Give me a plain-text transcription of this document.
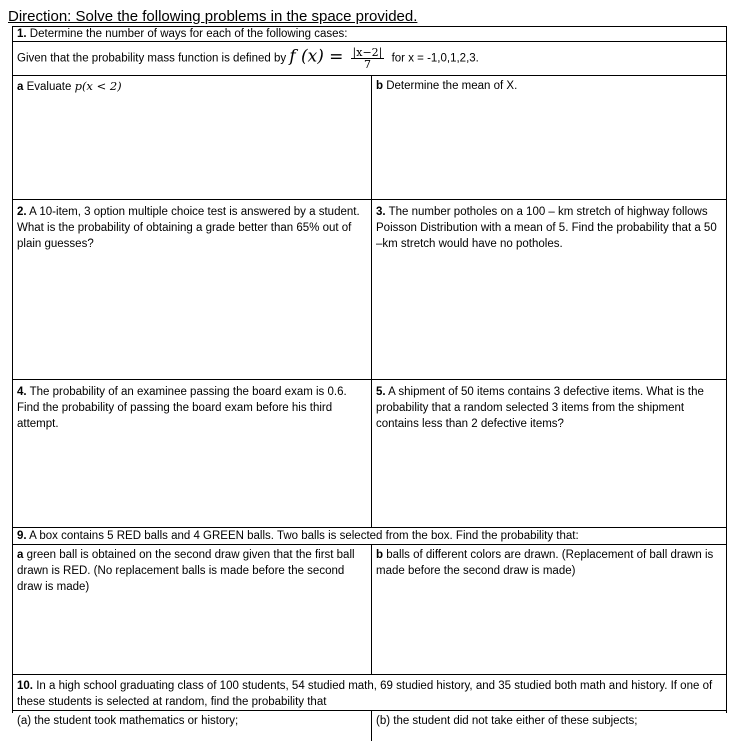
Direction: Solve the following problems in the space provided.
1. Determine the number of ways for each of the following cases:
Given that the probability mass function is defined by f $(x) = \frac{|x-2|}{7}$ for x = -1,0,1,2,3.
a Evaluate p(x < 2)	b Determine the mean of X.
2. A 10-item, 3 option multiple choice test is answered by a student. What is the probability of obtaining a grade better than 65% out of plain guesses?
3. The number potholes on a 100 – km stretch of highway follows Poisson Distribution with a mean of 5. Find the probability that a 50 –km stretch would have no potholes.
4. The probability of an examinee passing the board exam is 0.6. Find the probability of passing the board exam before his third attempt.
5. A shipment of 50 items contains 3 defective items. What is the probability that a random selected 3 items from the shipment contains less than 2 defective items?
9. A box contains 5 RED balls and 4 GREEN balls. Two balls is selected from the box. Find the probability that:
a green ball is obtained on the second draw given that the first ball drawn is RED. (No replacement balls is made before the second draw is made)
b balls of different colors are drawn. (Replacement of ball drawn is made before the second draw is made)
10. In a high school graduating class of 100 students, 54 studied math, 69 studied history, and 35 studied both math and history. If one of these students is selected at random, find the probability that
(a) the student took mathematics or history;	(b) the student did not take either of these subjects;
